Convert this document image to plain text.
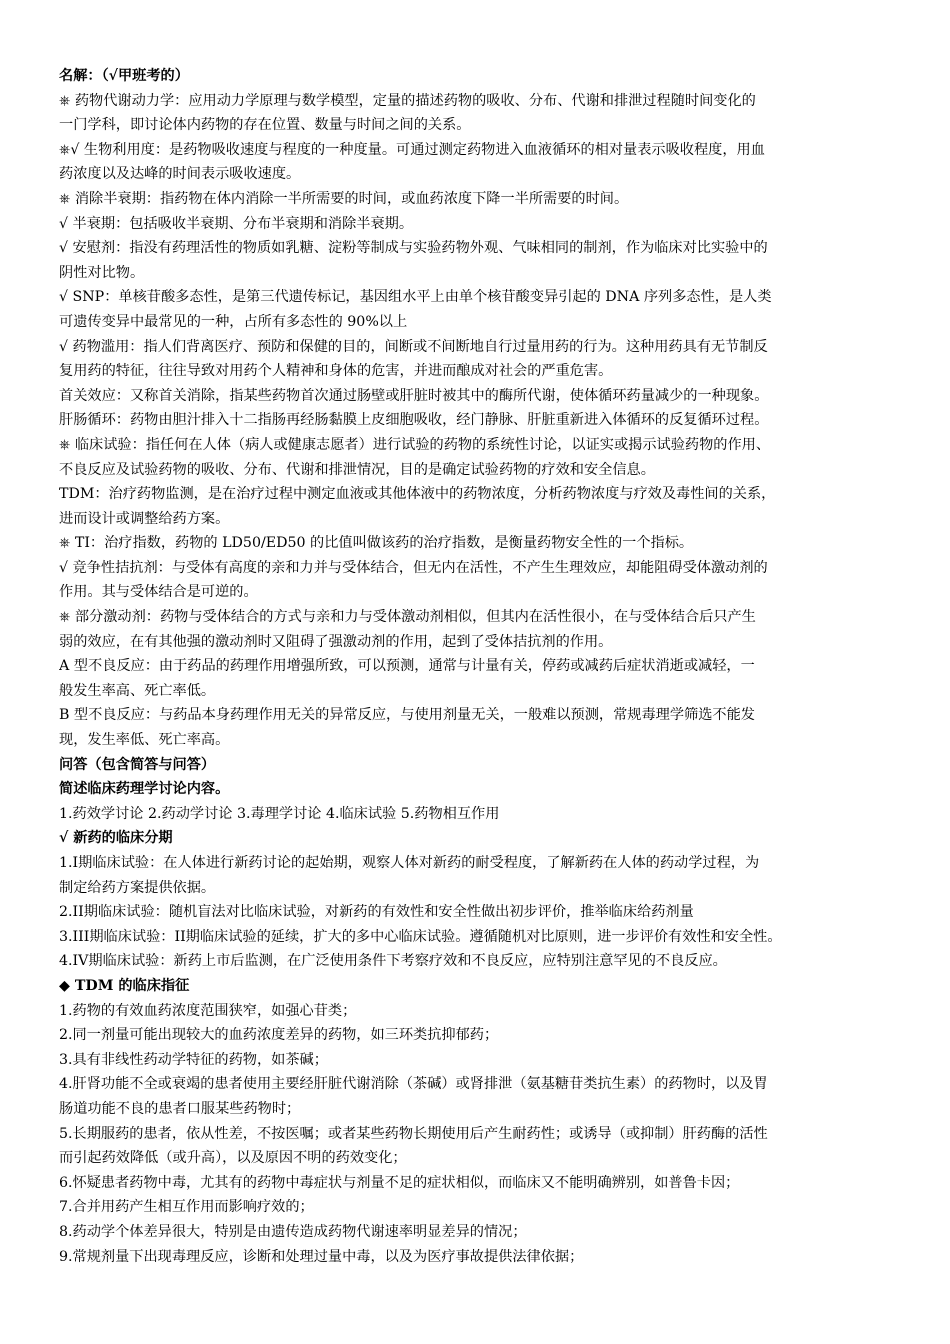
名解：（√甲班考的）
⎈ 药物代谢动力学：应用动力学原理与数学模型，定量的描述药物的吸收、分布、代谢和排泄过程随时间变化的
一门学科，即讨论体内药物的存在位置、数量与时间之间的关系。
⎈√ 生物利用度：是药物吸收速度与程度的一种度量。可通过测定药物进入血液循环的相对量表示吸收程度，用血
药浓度以及达峰的时间表示吸收速度。
⎈ 消除半衰期：指药物在体内消除一半所需要的时间，或血药浓度下降一半所需要的时间。
√ 半衰期：包括吸收半衰期、分布半衰期和消除半衰期。
√ 安慰剂：指没有药理活性的物质如乳糖、淀粉等制成与实验药物外观、气味相同的制剂，作为临床对比实验中的
阴性对比物。
√ SNP：单核苷酸多态性，是第三代遗传标记，基因组水平上由单个核苷酸变异引起的 DNA 序列多态性，是人类
可遗传变异中最常见的一种，占所有多态性的 90%以上
√ 药物滥用：指人们背离医疗、预防和保健的目的，间断或不间断地自行过量用药的行为。这种用药具有无节制反
复用药的特征，往往导致对用药个人精神和身体的危害，并进而酿成对社会的严重危害。
首关效应：又称首关消除，指某些药物首次通过肠壁或肝脏时被其中的酶所代谢，使体循环药量减少的一种现象。
肝肠循环：药物由胆汁排入十二指肠再经肠黏膜上皮细胞吸收，经门静脉、肝脏重新进入体循环的反复循环过程。
⎈ 临床试验：指任何在人体（病人或健康志愿者）进行试验的药物的系统性讨论，以证实或揭示试验药物的作用、
不良反应及试验药物的吸收、分布、代谢和排泄情况，目的是确定试验药物的疗效和安全信息。
TDM：治疗药物监测，是在治疗过程中测定血液或其他体液中的药物浓度，分析药物浓度与疗效及毒性间的关系，
进而设计或调整给药方案。
⎈ TI：治疗指数，药物的 LD50/ED50 的比值叫做该药的治疗指数，是衡量药物安全性的一个指标。
√ 竞争性拮抗剂：与受体有高度的亲和力并与受体结合，但无内在活性，不产生生理效应，却能阻碍受体激动剂的
作用。其与受体结合是可逆的。
⎈ 部分激动剂：药物与受体结合的方式与亲和力与受体激动剂相似，但其内在活性很小，在与受体结合后只产生
弱的效应，在有其他强的激动剂时又阻碍了强激动剂的作用，起到了受体拮抗剂的作用。
A 型不良反应：由于药品的药理作用增强所致，可以预测，通常与计量有关，停药或减药后症状消逝或减轻，一
般发生率高、死亡率低。
B 型不良反应：与药品本身药理作用无关的异常反应，与使用剂量无关，一般难以预测，常规毒理学筛选不能发
现，发生率低、死亡率高。
问答（包含简答与问答）
简述临床药理学讨论内容。
1.药效学讨论 2.药动学讨论 3.毒理学讨论 4.临床试验 5.药物相互作用
√ 新药的临床分期
1.I期临床试验：在人体进行新药讨论的起始期，观察人体对新药的耐受程度，了解新药在人体的药动学过程，为
制定给药方案提供依据。
2.II期临床试验：随机盲法对比临床试验，对新药的有效性和安全性做出初步评价，推举临床给药剂量
3.III期临床试验：II期临床试验的延续，扩大的多中心临床试验。遵循随机对比原则，进一步评价有效性和安全性。
4.IV期临床试验：新药上市后监测，在广泛使用条件下考察疗效和不良反应，应特别注意罕见的不良反应。
◆ TDM 的临床指征
1.药物的有效血药浓度范围狭窄，如强心苷类；
2.同一剂量可能出现较大的血药浓度差异的药物，如三环类抗抑郁药；
3.具有非线性药动学特征的药物，如茶碱；
4.肝肾功能不全或衰竭的患者使用主要经肝脏代谢消除（茶碱）或肾排泄（氨基糖苷类抗生素）的药物时，以及胃
肠道功能不良的患者口服某些药物时；
5.长期服药的患者，依从性差，不按医嘱；或者某些药物长期使用后产生耐药性；或诱导（或抑制）肝药酶的活性
而引起药效降低（或升高），以及原因不明的药效变化；
6.怀疑患者药物中毒，尤其有的药物中毒症状与剂量不足的症状相似，而临床又不能明确辨别，如普鲁卡因；
7.合并用药产生相互作用而影响疗效的；
8.药动学个体差异很大，特别是由遗传造成药物代谢速率明显差异的情况；
9.常规剂量下出现毒理反应，诊断和处理过量中毒，以及为医疗事故提供法律依据；
